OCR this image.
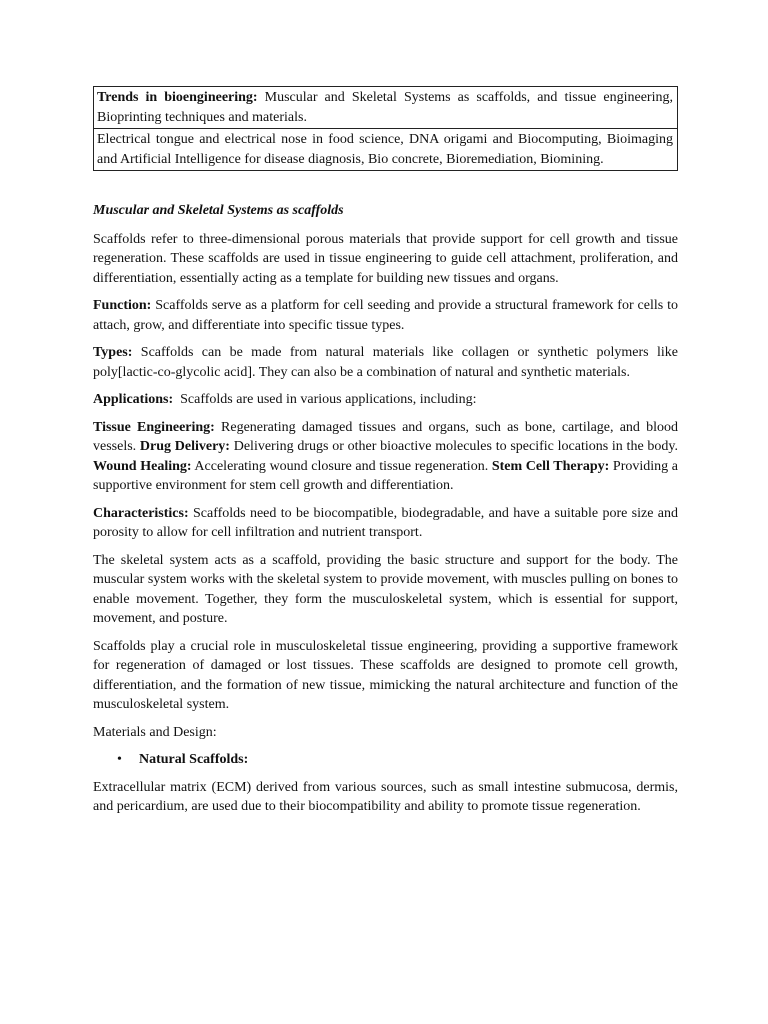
Trends in bioengineering: Muscular and Skeletal Systems as scaffolds, and tissue engineering, Bioprinting techniques and materials.
Electrical tongue and electrical nose in food science, DNA origami and Biocomputing, Bioimaging and Artificial Intelligence for disease diagnosis, Bio concrete, Bioremediation, Biomining.
Muscular and Skeletal Systems as scaffolds

Scaffolds refer to three-dimensional porous materials that provide support for cell growth and tissue regeneration. These scaffolds are used in tissue engineering to guide cell attachment, proliferation, and differentiation, essentially acting as a template for building new tissues and organs.

Function: Scaffolds serve as a platform for cell seeding and provide a structural framework for cells to attach, grow, and differentiate into specific tissue types.

Types: Scaffolds can be made from natural materials like collagen or synthetic polymers like poly[lactic-co-glycolic acid]. They can also be a combination of natural and synthetic materials.

Applications:  Scaffolds are used in various applications, including:

Tissue Engineering: Regenerating damaged tissues and organs, such as bone, cartilage, and blood vessels. Drug Delivery: Delivering drugs or other bioactive molecules to specific locations in the body. Wound Healing: Accelerating wound closure and tissue regeneration. Stem Cell Therapy: Providing a supportive environment for stem cell growth and differentiation.

Characteristics: Scaffolds need to be biocompatible, biodegradable, and have a suitable pore size and porosity to allow for cell infiltration and nutrient transport.

The skeletal system acts as a scaffold, providing the basic structure and support for the body. The muscular system works with the skeletal system to provide movement, with muscles pulling on bones to enable movement. Together, they form the musculoskeletal system, which is essential for support, movement, and posture.

Scaffolds play a crucial role in musculoskeletal tissue engineering, providing a supportive framework for regeneration of damaged or lost tissues. These scaffolds are designed to promote cell growth, differentiation, and the formation of new tissue, mimicking the natural architecture and function of the musculoskeletal system.

Materials and Design:

•	Natural Scaffolds:

Extracellular matrix (ECM) derived from various sources, such as small intestine submucosa, dermis, and pericardium, are used due to their biocompatibility and ability to promote tissue regeneration.
